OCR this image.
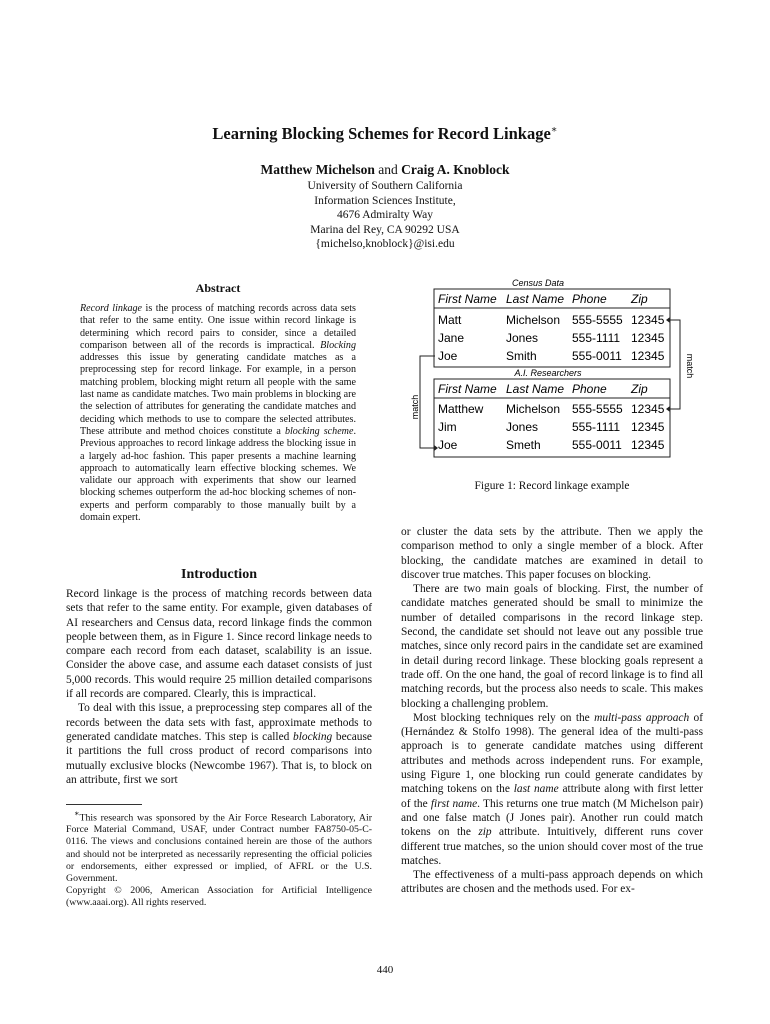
Learning Blocking Schemes for Record Linkage∗
Matthew Michelson and Craig A. Knoblock
University of Southern California
Information Sciences Institute,
4676 Admiralty Way
Marina del Rey, CA 90292 USA
{michelso,knoblock}@isi.edu
Abstract
Record linkage is the process of matching records across data sets that refer to the same entity. One issue within record linkage is determining which record pairs to consider, since a detailed comparison between all of the records is impractical. Blocking addresses this issue by generating candidate matches as a preprocessing step for record linkage. For example, in a person matching problem, blocking might return all people with the same last name as candidate matches. Two main problems in blocking are the selection of attributes for generating the candidate matches and deciding which methods to use to compare the selected attributes. These attribute and method choices constitute a blocking scheme. Previous approaches to record linkage address the blocking issue in a largely ad-hoc fashion. This paper presents a machine learning approach to automatically learn effective blocking schemes. We validate our approach with experiments that show our learned blocking schemes outperform the ad-hoc blocking schemes of non-experts and perform comparably to those manually built by a domain expert.
Introduction

Record linkage is the process of matching records between data sets that refer to the same entity. For example, given databases of AI researchers and Census data, record linkage finds the common people between them, as in Figure 1. Since record linkage needs to compare each record from each dataset, scalability is an issue. Consider the above case, and assume each dataset consists of just 5,000 records. This would require 25 million detailed comparisons if all records are compared. Clearly, this is impractical.

To deal with this issue, a preprocessing step compares all of the records between the data sets with fast, approximate methods to generated candidate matches. This step is called blocking because it partitions the full cross product of record comparisons into mutually exclusive blocks (Newcombe 1967). That is, to block on an attribute, first we sort

∗This research was sponsored by the Air Force Research Laboratory, Air Force Material Command, USAF, under Contract number FA8750-05-C-0116. The views and conclusions contained herein are those of the authors and should not be interpreted as necessarily representing the official policies or endorsements, either expressed or implied, of AFRL or the U.S. Government.

Copyright © 2006, American Association for Artificial Intelligence (www.aaai.org). All rights reserved.

Census Data
First Name Last Name Phone Zip
Matt	Michelson 555-5555 12345
Jane	Jones	555-1111 12345
Joe	Smith	555-0011 12345
A.I. Researchers
First Name Last Name Phone Zip
Matthew Michelson 555-5555 12345
Jim	Jones	555-1111 12345
Joe	Smeth	555-0011 12345
match
match
Figure 1: Record linkage example

or cluster the data sets by the attribute. Then we apply the comparison method to only a single member of a block. After blocking, the candidate matches are examined in detail to discover true matches. This paper focuses on blocking.

There are two main goals of blocking. First, the number of candidate matches generated should be small to minimize the number of detailed comparisons in the record linkage step. Second, the candidate set should not leave out any possible true matches, since only record pairs in the candidate set are examined in detail during record linkage. These blocking goals represent a trade off. On the one hand, the goal of record linkage is to find all matching records, but the process also needs to scale. This makes blocking a challenging problem.

Most blocking techniques rely on the multi-pass approach of (Hernández & Stolfo 1998). The general idea of the multi-pass approach is to generate candidate matches using different attributes and methods across independent runs. For example, using Figure 1, one blocking run could generate candidates by matching tokens on the last name attribute along with first letter of the first name. This returns one true match (M Michelson pair) and one false match (J Jones pair). Another run could match tokens on the zip attribute. Intuitively, different runs cover different true matches, so the union should cover most of the true matches.

The effectiveness of a multi-pass approach depends on which attributes are chosen and the methods used. For ex-

440
